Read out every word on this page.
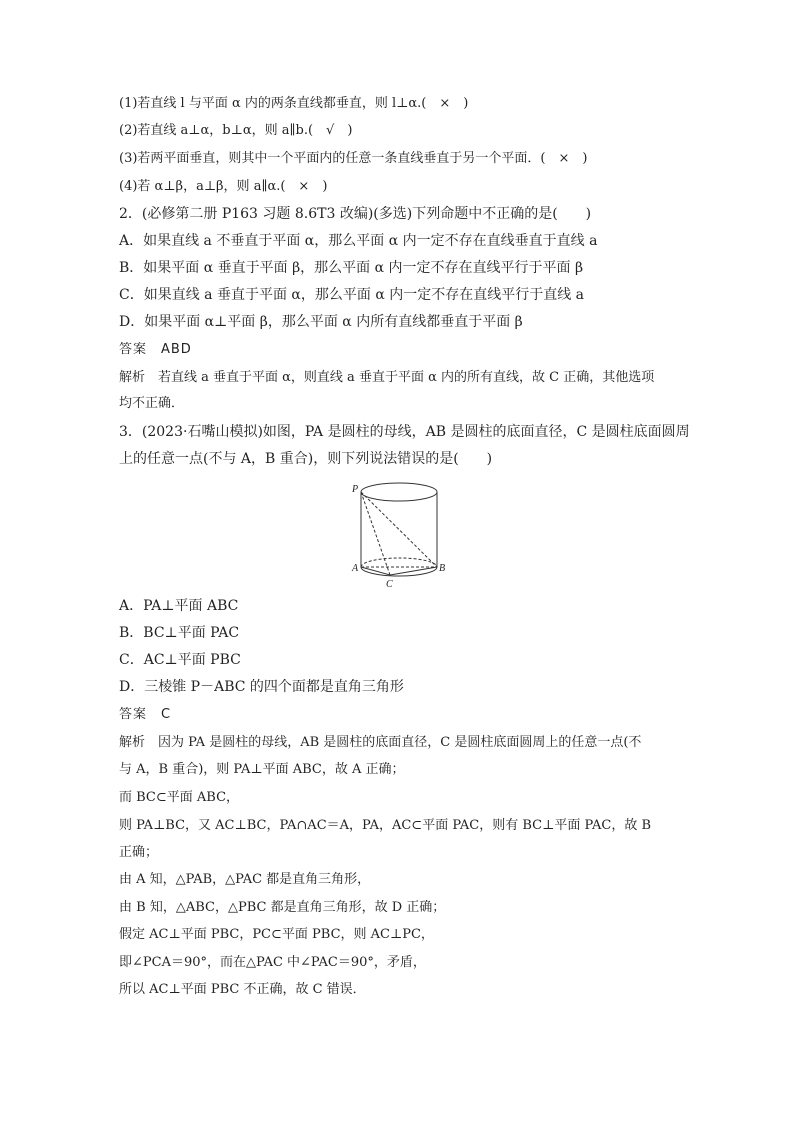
(1)若直线 l 与平面 α 内的两条直线都垂直，则 l⊥α.(　×　)
(2)若直线 a⊥α，b⊥α，则 a∥b.(　√　)
(3)若两平面垂直，则其中一个平面内的任意一条直线垂直于另一个平面．(　×　)
(4)若 α⊥β，a⊥β，则 a∥α.(　×　)
2．(必修第二册 P163 习题 8.6T3 改编)(多选)下列命题中不正确的是(　　)
A．如果直线 a 不垂直于平面 α，那么平面 α 内一定不存在直线垂直于直线 a
B．如果平面 α 垂直于平面 β，那么平面 α 内一定不存在直线平行于平面 β
C．如果直线 a 垂直于平面 α，那么平面 α 内一定不存在直线平行于直线 a
D．如果平面 α⊥平面 β，那么平面 α 内所有直线都垂直于平面 β
答案　ABD
解析　若直线 a 垂直于平面 α，则直线 a 垂直于平面 α 内的所有直线，故 C 正确，其他选项
均不正确．
3．(2023·石嘴山模拟)如图，PA 是圆柱的母线，AB 是圆柱的底面直径，C 是圆柱底面圆周
上的任意一点(不与 A，B 重合)，则下列说法错误的是(　　)
P
A	B
C
A．PA⊥平面 ABC
B．BC⊥平面 PAC
C．AC⊥平面 PBC
D．三棱锥 P－ABC 的四个面都是直角三角形
答案　C
解析　因为 PA 是圆柱的母线，AB 是圆柱的底面直径，C 是圆柱底面圆周上的任意一点(不
与 A，B 重合)，则 PA⊥平面 ABC，故 A 正确；
而 BC⊂平面 ABC，
则 PA⊥BC，又 AC⊥BC，PA∩AC＝A，PA，AC⊂平面 PAC，则有 BC⊥平面 PAC，故 B
正确；
由 A 知，△PAB，△PAC 都是直角三角形，
由 B 知，△ABC，△PBC 都是直角三角形，故 D 正确；
假定 AC⊥平面 PBC，PC⊂平面 PBC，则 AC⊥PC，
即∠PCA＝90°，而在△PAC 中∠PAC＝90°，矛盾，
所以 AC⊥平面 PBC 不正确，故 C 错误．
